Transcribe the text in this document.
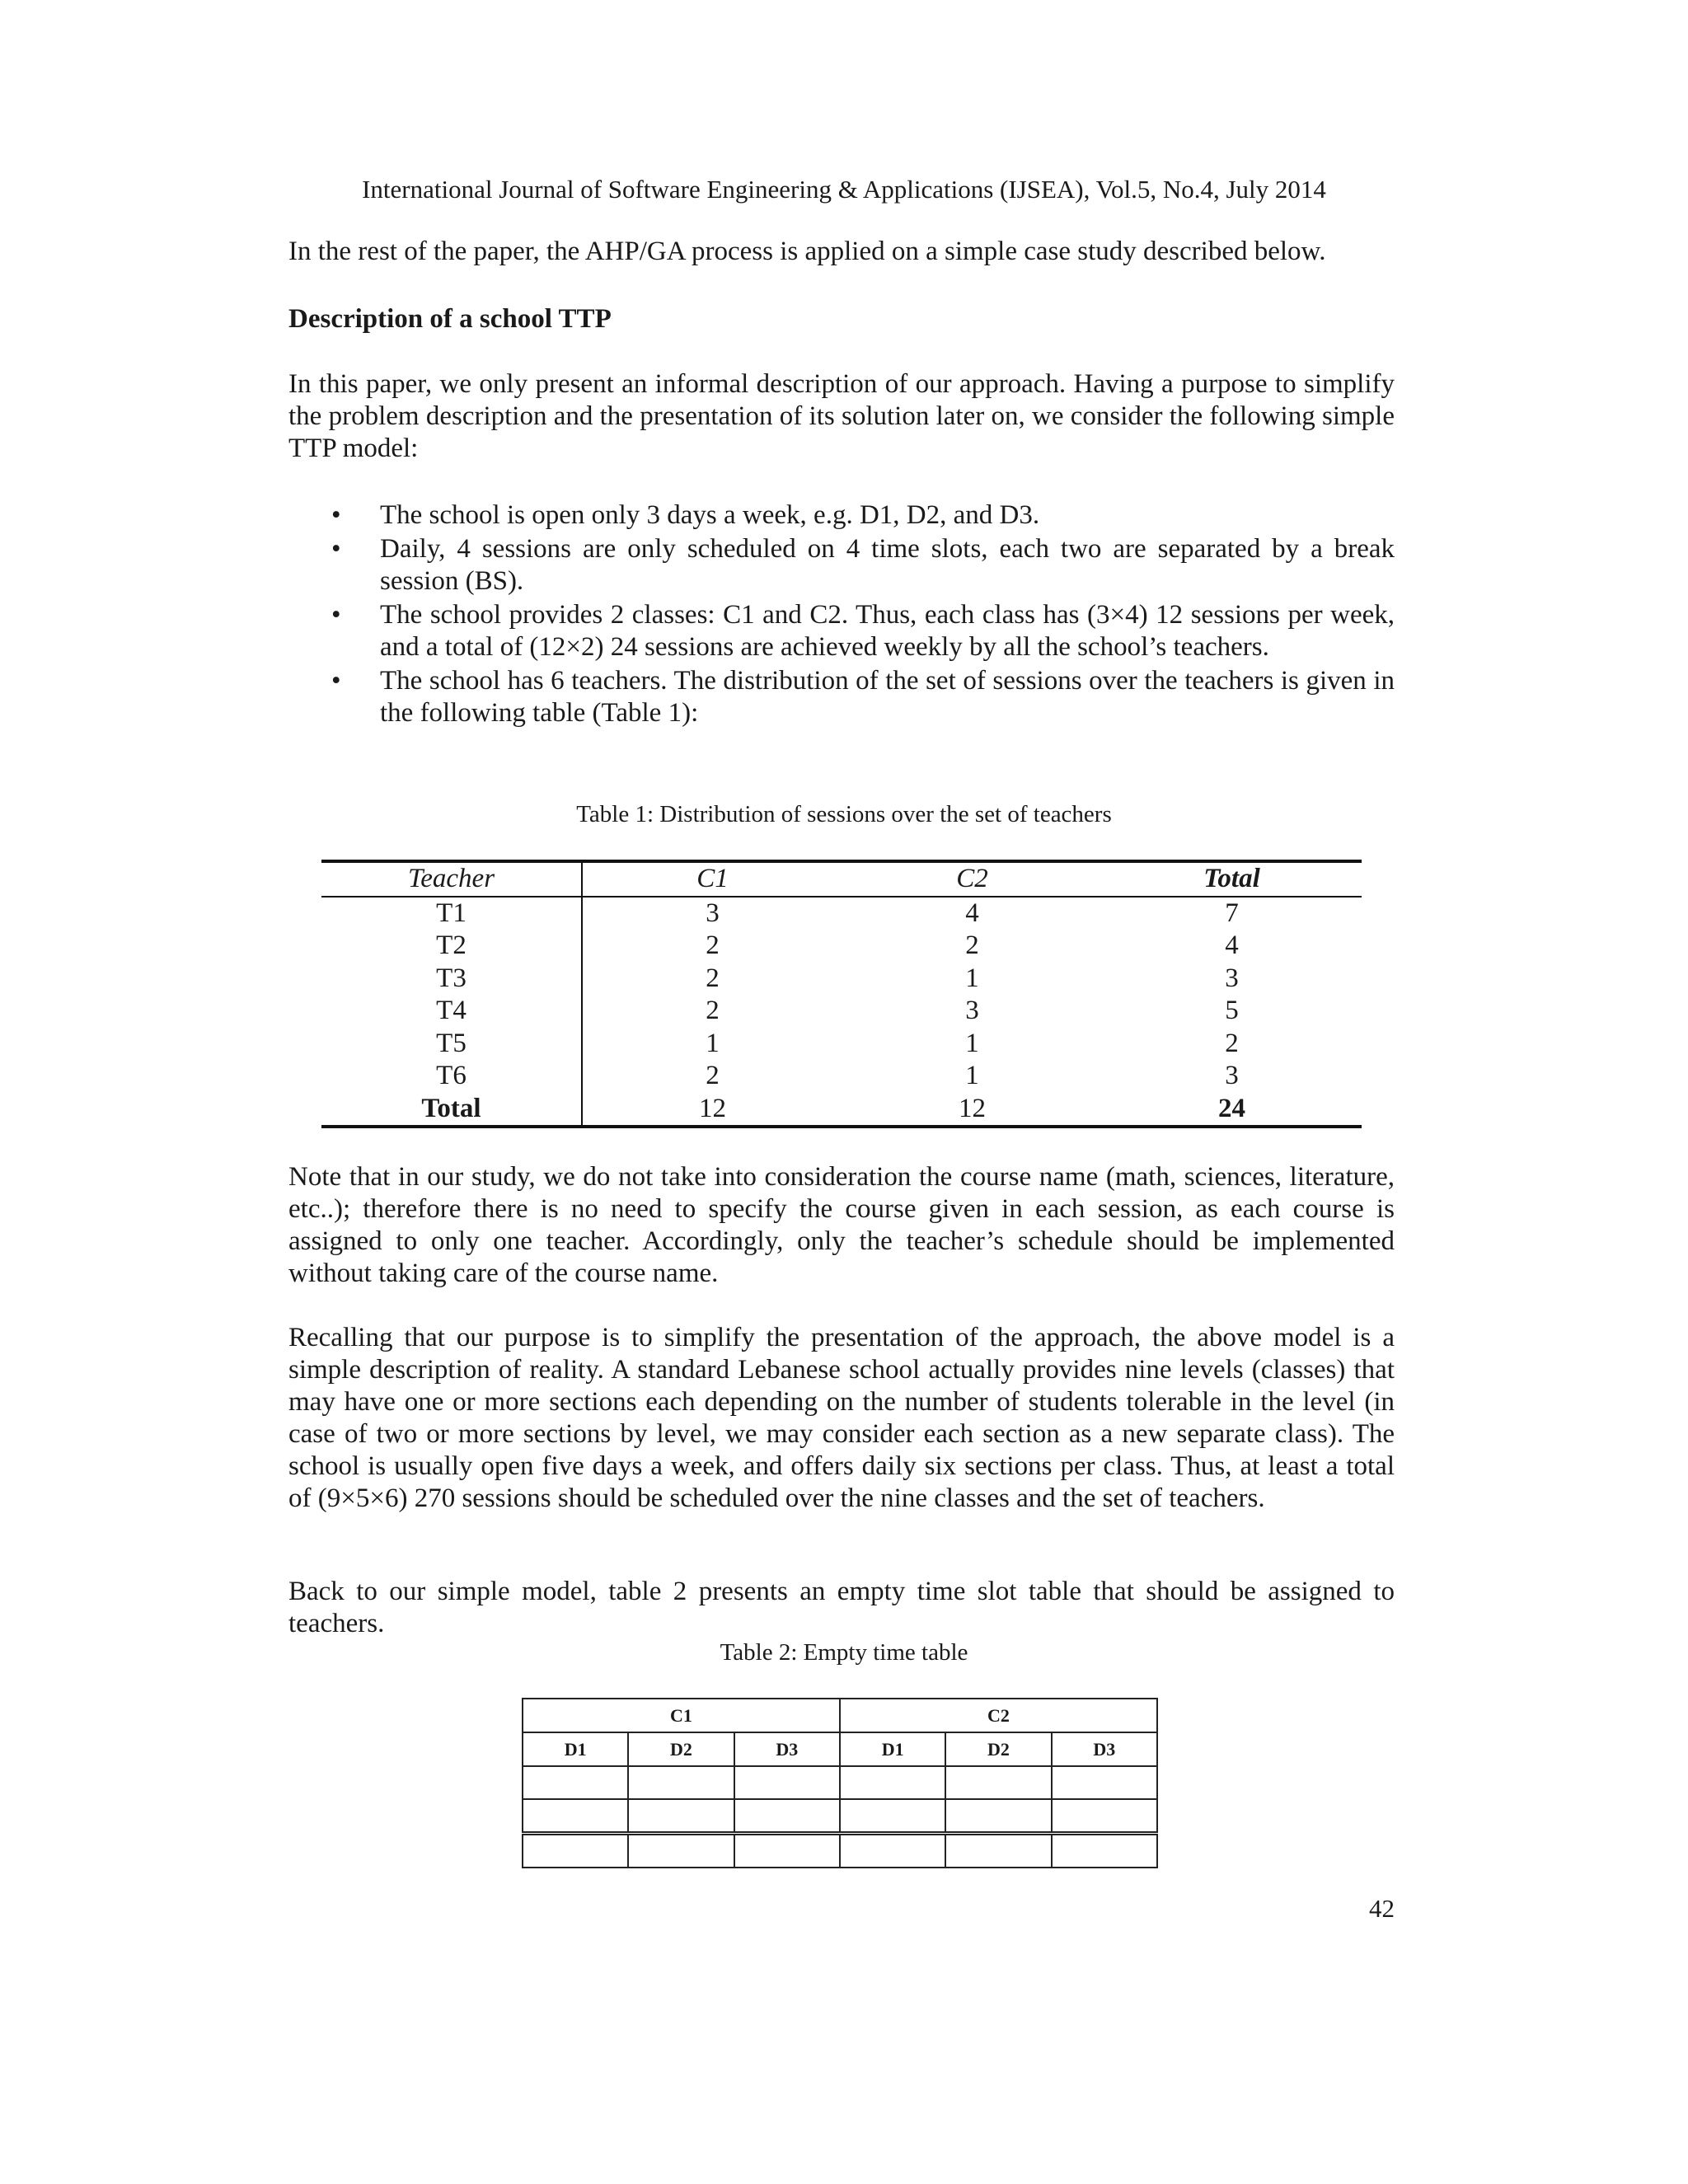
International Journal of Software Engineering & Applications (IJSEA), Vol.5, No.4, July 2014
In the rest of the paper, the AHP/GA process is applied on a simple case study described below.
Description of a school TTP
In this paper, we only present an informal description of our approach. Having a purpose to simplify the problem description and the presentation of its solution later on, we consider the following simple TTP model:
• The school is open only 3 days a week, e.g. D1, D2, and D3.
• Daily, 4 sessions are only scheduled on 4 time slots, each two are separated by a break session (BS).
• The school provides 2 classes: C1 and C2. Thus, each class has (3×4) 12 sessions per week, and a total of (12×2) 24 sessions are achieved weekly by all the school’s teachers.
• The school has 6 teachers. The distribution of the set of sessions over the teachers is given in the following table (Table 1):
Table 1: Distribution of sessions over the set of teachers
Teacher	C1	C2	Total
T1	3	4	7
T2	2	2	4
T3	2	1	3
T4	2	3	5
T5	1	1	2
T6	2	1	3
Total	12	12	24
Note that in our study, we do not take into consideration the course name (math, sciences, literature, etc..); therefore there is no need to specify the course given in each session, as each course is assigned to only one teacher. Accordingly, only the teacher’s schedule should be implemented without taking care of the course name.
Recalling that our purpose is to simplify the presentation of the approach, the above model is a simple description of reality. A standard Lebanese school actually provides nine levels (classes) that may have one or more sections each depending on the number of students tolerable in the level (in case of two or more sections by level, we may consider each section as a new separate class). The school is usually open five days a week, and offers daily six sections per class. Thus, at least a total of (9×5×6) 270 sessions should be scheduled over the nine classes and the set of teachers.
Back to our simple model, table 2 presents an empty time slot table that should be assigned to teachers.
Table 2: Empty time table
C1			C2		
D1	D2	D3	D1	D2	D3

42
